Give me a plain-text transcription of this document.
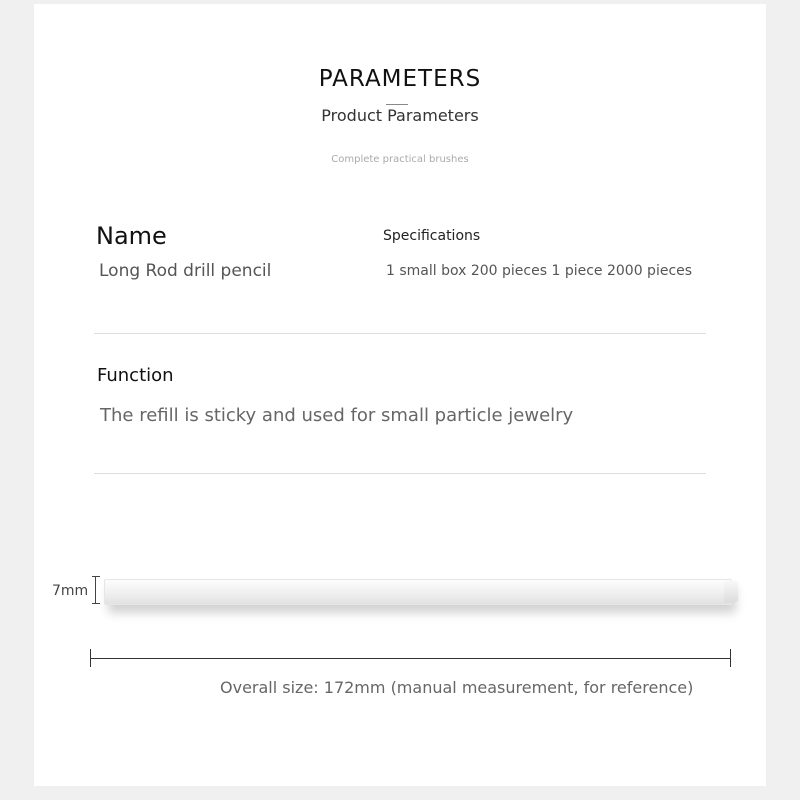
PARAMETERS
Product Parameters
Complete practical brushes
Name
Long Rod drill pencil
Specifications
1 small box 200 pieces 1 piece 2000 pieces
Function
The refill is sticky and used for small particle jewelry
7mm
Overall size: 172mm (manual measurement, for reference)
